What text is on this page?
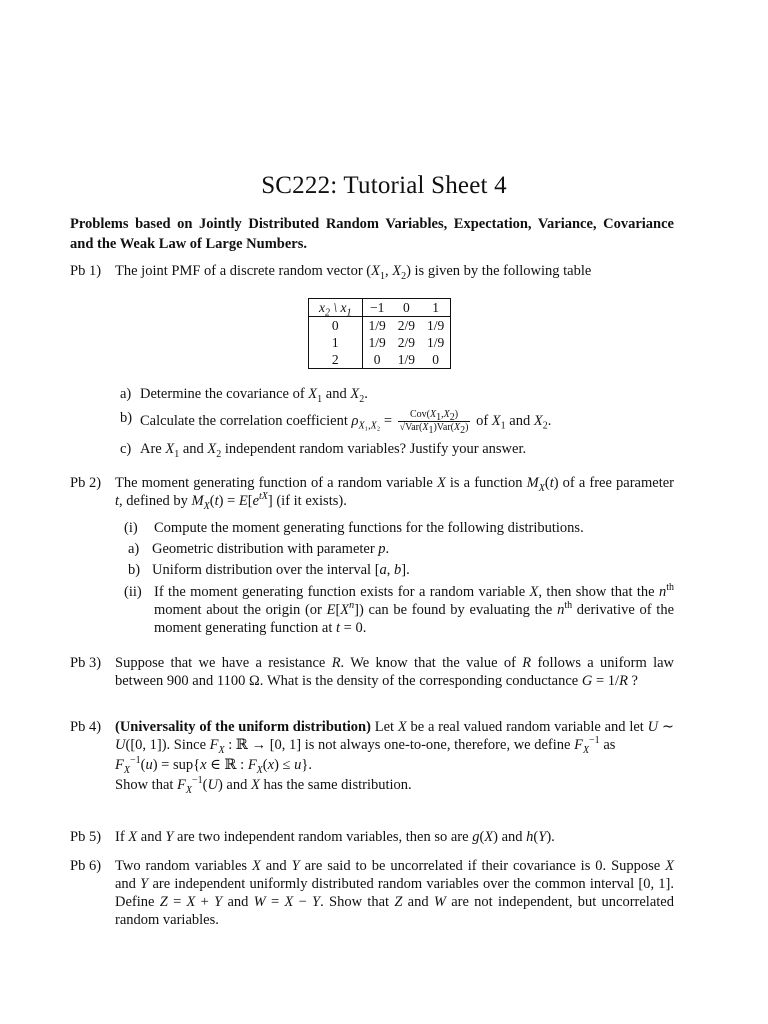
SC222: Tutorial Sheet 4
Problems based on Jointly Distributed Random Variables, Expectation, Variance, Covariance and the Weak Law of Large Numbers.
Pb 1) The joint PMF of a discrete random vector ($X_1$, $X_2$) is given by the following table
$x_2$ \ $x_1$	−1	0	1
0	1/9	2/9	1/9
1	1/9	2/9	1/9
2	0	1/9	0
a) Determine the covariance of $X_1$ and $X_2$.
b) Calculate the correlation coefficient $\rho_{X_1,X_2} = \frac{Cov(X_1,X_2)}{√Var(X_1)Var(X_2)}$ of $X_1$ and $X_2$.
c) Are $X_1$ and $X_2$ independent random variables? Justify your answer.
Pb 2) The moment generating function of a random variable X is a function $M_X(t)$ of a free parameter t, defined by $M_X(t) = E[e^{tX}]$ (if it exists).
(i) Compute the moment generating functions for the following distributions.
a) Geometric distribution with parameter p.
b) Uniform distribution over the interval [a, b].
(ii) If the moment generating function exists for a random variable X, then show that the $n^{th}$ moment about the origin (or $E[X^n]$) can be found by evaluating the $n^{th}$ derivative of the moment generating function at t = 0.
Pb 3) Suppose that we have a resistance R. We know that the value of R follows a uniform law between 900 and 1100 Ω. What is the density of the corresponding conductance G = 1/R ?
Pb 4) (Universality of the uniform distribution) Let X be a real valued random variable and let U ∼ U([0, 1]). Since $F_X$ : ℝ → [0, 1] is not always one-to-one, therefore, we define $F_X^{-1}$ as
$F_X^{-1}(u) = sup\{x$ ∈ ℝ : $F_X(x) \le u$}.
Show that $F_X^{-1}(U)$ and X has the same distribution.
Pb 5) If X and Y are two independent random variables, then so are g(X) and h(Y).
Pb 6) Two random variables X and Y are said to be uncorrelated if their covariance is 0. Suppose X and Y are independent uniformly distributed random variables over the common interval [0, 1]. Define Z = X + Y and W = X − Y. Show that Z and W are not independent, but uncorrelated random variables.
